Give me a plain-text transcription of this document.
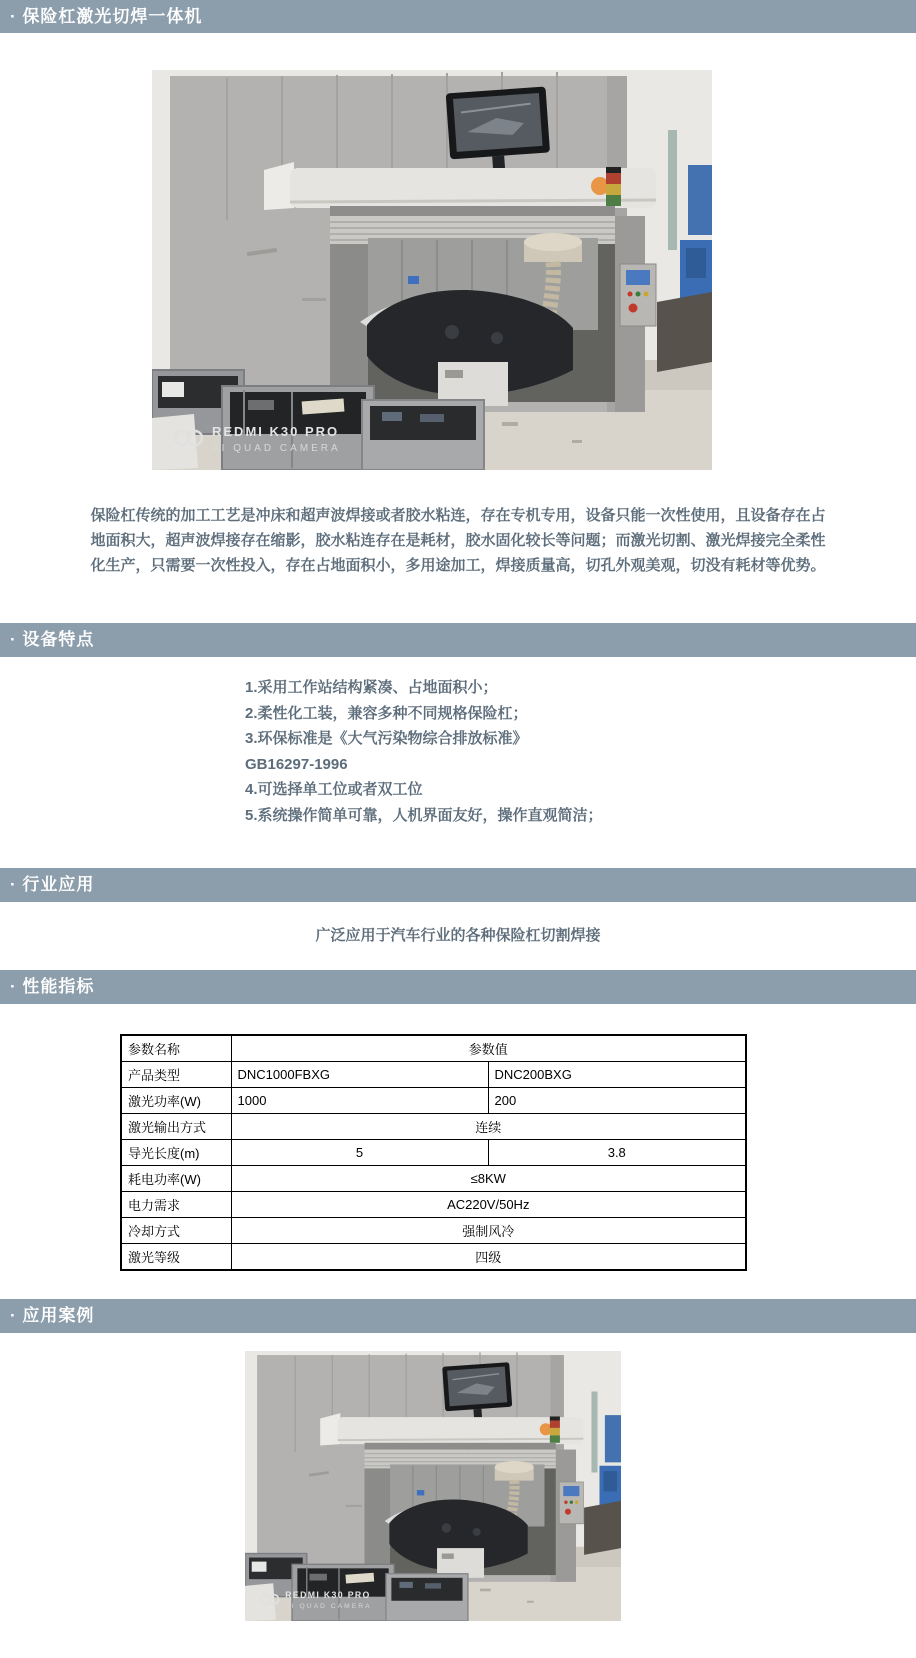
· 保险杠激光切焊一体机
REDMI K30 PRO
AI QUAD CAMERA

保险杠传统的加工工艺是冲床和超声波焊接或者胶水粘连，存在专机专用，设备只能一次性使用，且设备存在占地面积大，超声波焊接存在缩影，胶水粘连存在是耗材，胶水固化较长等问题；而激光切割、激光焊接完全柔性化生产，只需要一次性投入，存在占地面积小，多用途加工，焊接质量高，切孔外观美观，切没有耗材等优势。

· 设备特点
1.采用工作站结构紧凑、占地面积小；
2.柔性化工装，兼容多种不同规格保险杠；
3.环保标准是《大气污染物综合排放标准》
GB16297-1996
4.可选择单工位或者双工位
5.系统操作简单可靠，人机界面友好，操作直观简洁；
· 行业应用
广泛应用于汽车行业的各种保险杠切割焊接
· 性能指标
参数名称	参数值	
产品类型	DNC1000FBXG	DNC200BXG
激光功率(W)	1000	200
激光输出方式	连续	
导光长度(m)	5	3.8
耗电功率(W)	≤8KW	
电力需求	AC220V/50Hz	
冷却方式	强制风冷	
激光等级	四级	
· 应用案例
REDMI K30 PRO
AI QUAD CAMERA
